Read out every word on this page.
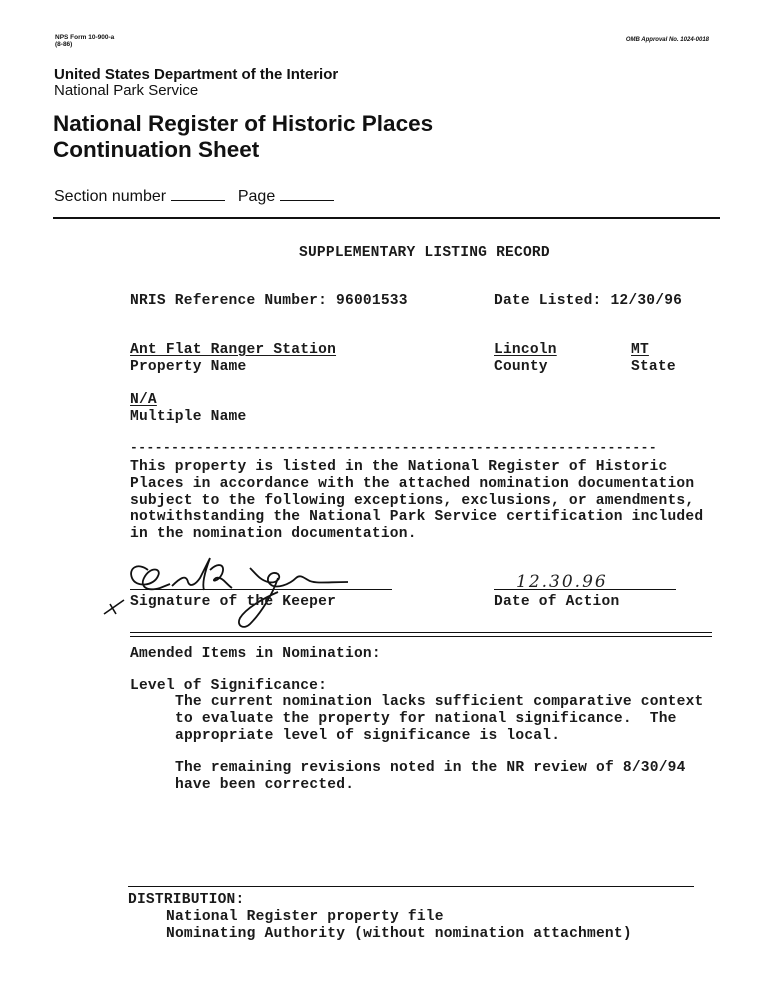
NPS Form 10-900-a
(8-86)
OMB Approval No. 1024-0018
United States Department of the Interior
National Park Service
National Register of Historic Places
Continuation Sheet
Section number	Page
SUPPLEMENTARY LISTING RECORD
NRIS Reference Number: 96001533	Date Listed: 12/30/96
Ant Flat Ranger Station
Property Name
Lincoln
County
MT
State
N/A
Multiple Name
----------------------------------------------------------------
This property is listed in the National Register of Historic
Places in accordance with the attached nomination documentation
subject to the following exceptions, exclusions, or amendments,
notwithstanding the National Park Service certification included
in the nomination documentation.
Signature of the Keeper
12.30.96
Date of Action
Amended Items in Nomination:
Level of Significance:
The current nomination lacks sufficient comparative context
to evaluate the property for national significance.  The
appropriate level of significance is local.
The remaining revisions noted in the NR review of 8/30/94
have been corrected.
DISTRIBUTION:
National Register property file
Nominating Authority (without nomination attachment)
